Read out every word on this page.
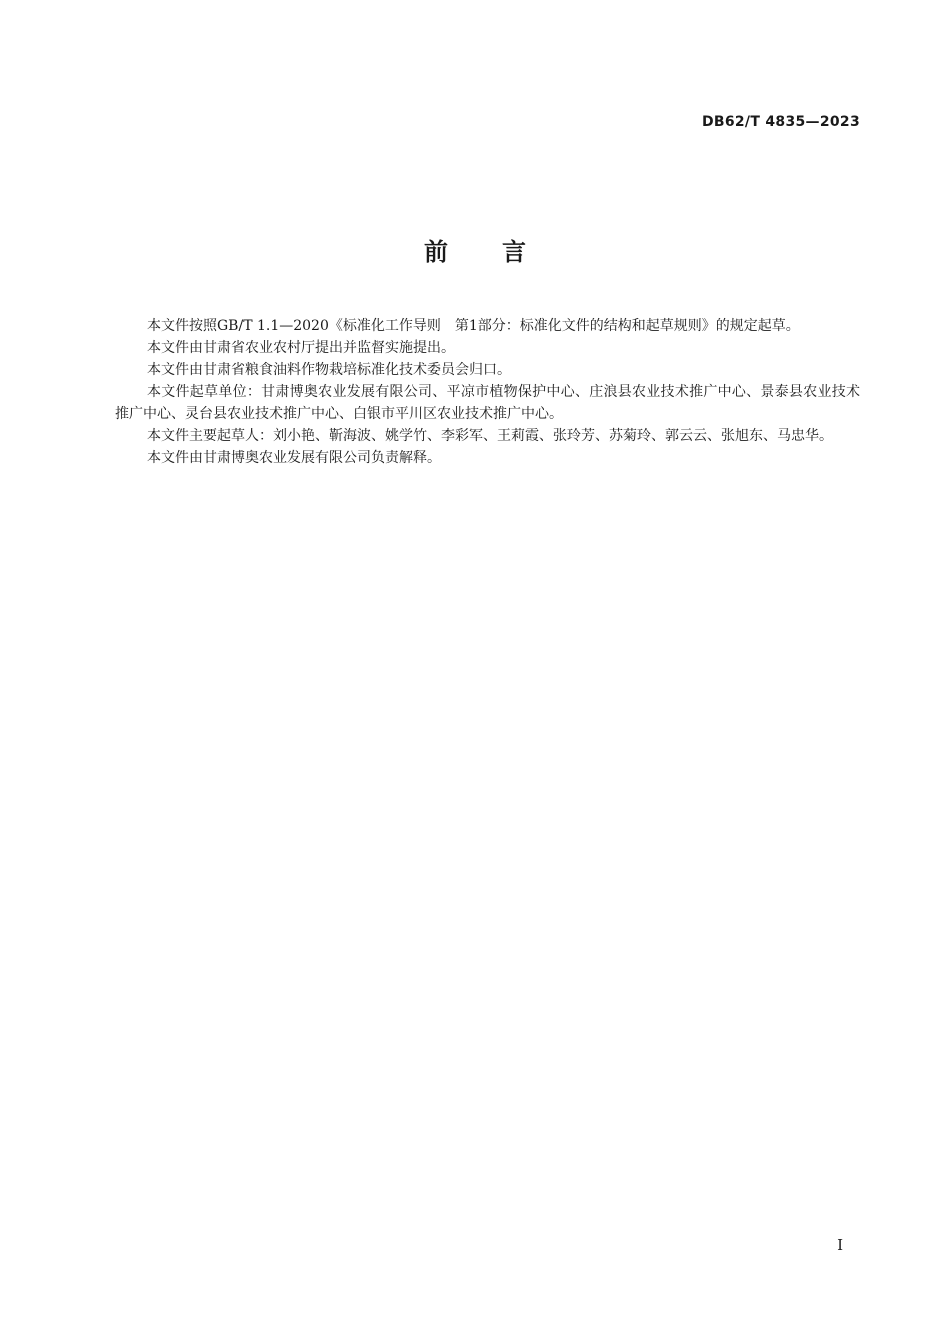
DB62/T 4835—2023
前言

本文件按照GB/T 1.1—2020《标准化工作导则　第1部分：标准化文件的结构和起草规则》的规定起草。

本文件由甘肃省农业农村厅提出并监督实施提出。

本文件由甘肃省粮食油料作物栽培标准化技术委员会归口。

本文件起草单位：甘肃博奥农业发展有限公司、平凉市植物保护中心、庄浪县农业技术推广中心、景泰县农业技术推广中心、灵台县农业技术推广中心、白银市平川区农业技术推广中心。

本文件主要起草人：刘小艳、靳海波、姚学竹、李彩军、王莉霞、张玲芳、苏菊玲、郭云云、张旭东、马忠华。

本文件由甘肃博奥农业发展有限公司负责解释。

I
